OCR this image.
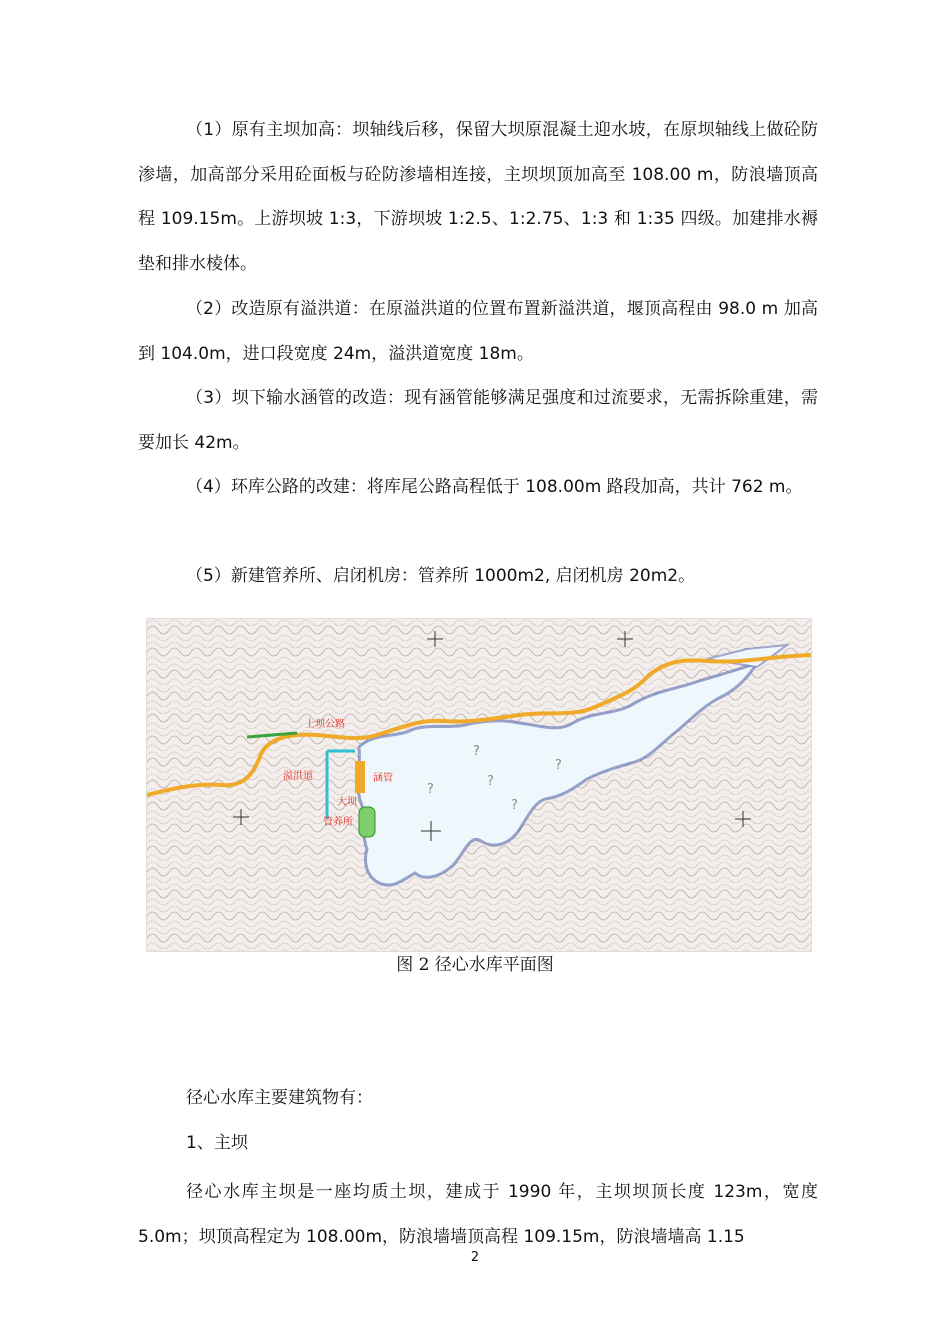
（1）原有主坝加高：坝轴线后移，保留大坝原混凝土迎水坡，在原坝轴线上做砼防渗墙，加高部分采用砼面板与砼防渗墙相连接，主坝坝顶加高至 108.00 m，防浪墙顶高程 109.15m。上游坝坡 1:3，下游坝坡 1:2.5、1:2.75、1:3 和 1:35 四级。加建排水褥垫和排水棱体。

（2）改造原有溢洪道：在原溢洪道的位置布置新溢洪道，堰顶高程由 98.0 m 加高到 104.0m，进口段宽度 24m，溢洪道宽度 18m。

（3）坝下输水涵管的改造：现有涵管能够满足强度和过流要求，无需拆除重建，需要加长 42m。

（4）环库公路的改建：将库尾公路高程低于 108.00m 路段加高，共计 762 m。

（5）新建管养所、启闭机房：管养所 1000m2, 启闭机房 20m2。

上坝公路
溢洪道	涵管
大坝
管养所
?
?
?
?
?
图 2 径心水库平面图

径心水库主要建筑物有：

1、主坝

径心水库主坝是一座均质土坝，建成于 1990 年，主坝坝顶长度 123m，宽度 5.0m；坝顶高程定为 108.00m，防浪墙墙顶高程 109.15m，防浪墙墙高 1.15

2
